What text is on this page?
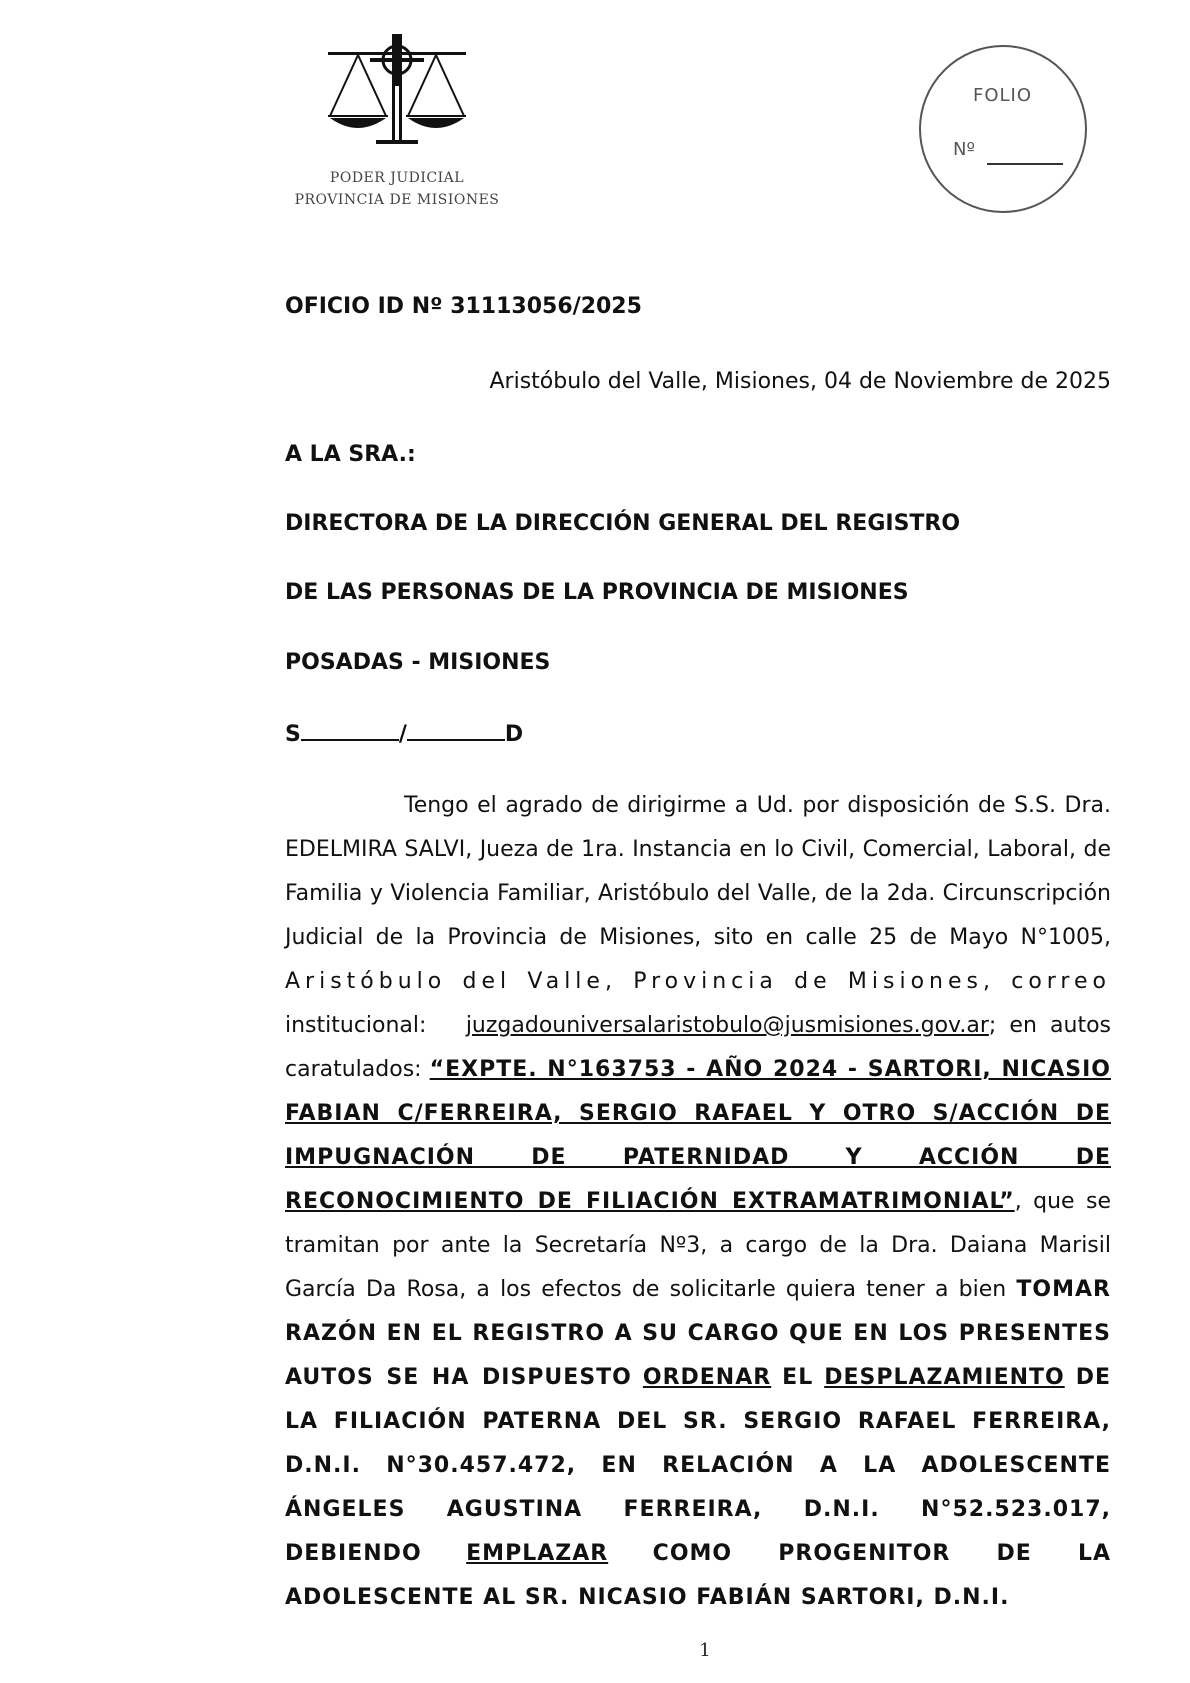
PODER JUDICIAL
PROVINCIA DE MISIONES
FOLIO
Nº
OFICIO ID Nº 31113056/2025
Aristóbulo del Valle, Misiones, 04 de Noviembre de 2025
A LA SRA.:
DIRECTORA DE LA DIRECCIÓN GENERAL DEL REGISTRO
DE LAS PERSONAS DE LA PROVINCIA DE MISIONES
POSADAS - MISIONES
S	/	D
Tengo el agrado de dirigirme a Ud. por disposición de S.S. Dra. EDELMIRA SALVI, Jueza de 1ra. Instancia en lo Civil, Comercial, Laboral, de Familia y Violencia Familiar, Aristóbulo del Valle, de la 2da. Circunscripción Judicial de la Provincia de Misiones, sito en calle 25 de Mayo N°1005, Aristóbulo del Valle, Provincia de Misiones, correo institucional: juzgadouniversalaristobulo@jusmisiones.gov.ar; en autos caratulados: “EXPTE. N°163753 - AÑO 2024 - SARTORI, NICASIO FABIAN C/FERREIRA, SERGIO RAFAEL Y OTRO S/ACCIÓN DE IMPUGNACIÓN DE PATERNIDAD Y ACCIÓN DE RECONOCIMIENTO DE FILIACIÓN EXTRAMATRIMONIAL”, que se tramitan por ante la Secretaría Nº3, a cargo de la Dra. Daiana Marisil García Da Rosa, a los efectos de solicitarle quiera tener a bien TOMAR RAZÓN EN EL REGISTRO A SU CARGO QUE EN LOS PRESENTES AUTOS SE HA DISPUESTO ORDENAR EL DESPLAZAMIENTO DE LA FILIACIÓN PATERNA DEL SR. SERGIO RAFAEL FERREIRA, D.N.I. N°30.457.472, EN RELACIÓN A LA ADOLESCENTE ÁNGELES AGUSTINA FERREIRA, D.N.I. N°52.523.017, DEBIENDO EMPLAZAR COMO PROGENITOR DE LA ADOLESCENTE AL SR. NICASIO FABIÁN SARTORI, D.N.I.
1
